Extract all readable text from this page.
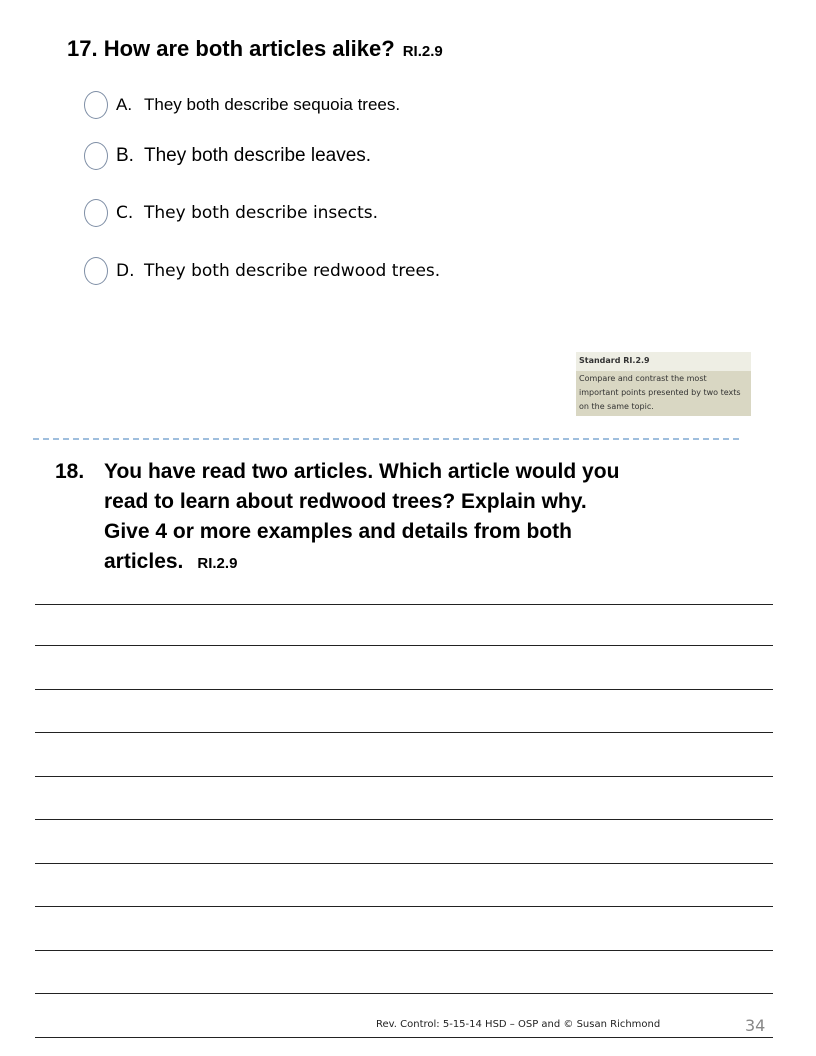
17. How are both articles alike? RI.2.9
A. They both describe sequoia trees.
B. They both describe leaves.
C. They both describe insects.
D. They both describe redwood trees.
Standard RI.2.9
Compare and contrast the most important points presented by two texts on the same topic.
18. You have read two articles. Which article would you
read to learn about redwood trees? Explain why.
Give 4 or more examples and details from both
articles. RI.2.9
Rev. Control: 5-15-14 HSD – OSP and © Susan Richmond	34
